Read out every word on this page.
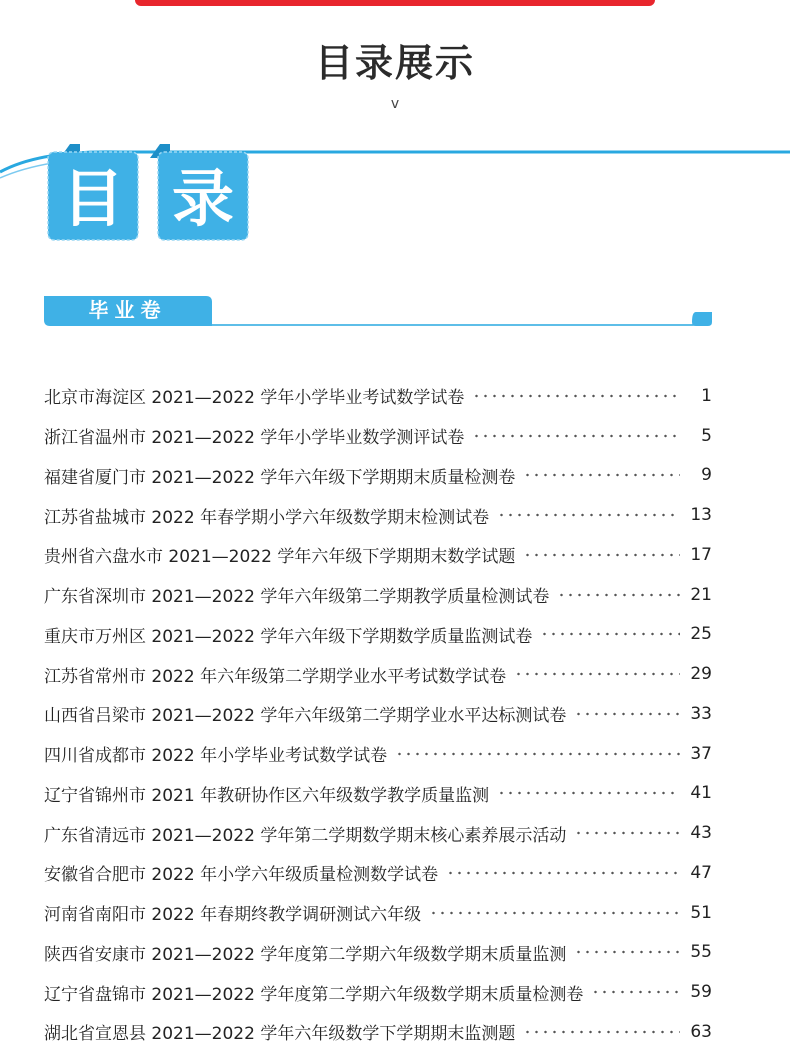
目录展示
v
目 录
毕业卷
北京市海淀区 2021—2022 学年小学毕业考试数学试卷	1
浙江省温州市 2021—2022 学年小学毕业数学测评试卷	5
福建省厦门市 2021—2022 学年六年级下学期期末质量检测卷	9
江苏省盐城市 2022 年春学期小学六年级数学期末检测试卷	13
贵州省六盘水市 2021—2022 学年六年级下学期期末数学试题	17
广东省深圳市 2021—2022 学年六年级第二学期教学质量检测试卷	21
重庆市万州区 2021—2022 学年六年级下学期数学质量监测试卷	25
江苏省常州市 2022 年六年级第二学期学业水平考试数学试卷	29
山西省吕梁市 2021—2022 学年六年级第二学期学业水平达标测试卷	33
四川省成都市 2022 年小学毕业考试数学试卷	37
辽宁省锦州市 2021 年教研协作区六年级数学教学质量监测	41
广东省清远市 2021—2022 学年第二学期数学期末核心素养展示活动	43
安徽省合肥市 2022 年小学六年级质量检测数学试卷	47
河南省南阳市 2022 年春期终教学调研测试六年级	51
陕西省安康市 2021—2022 学年度第二学期六年级数学期末质量监测	55
辽宁省盘锦市 2021—2022 学年度第二学期六年级数学期末质量检测卷	59
湖北省宣恩县 2021—2022 学年六年级数学下学期期末监测题	63
